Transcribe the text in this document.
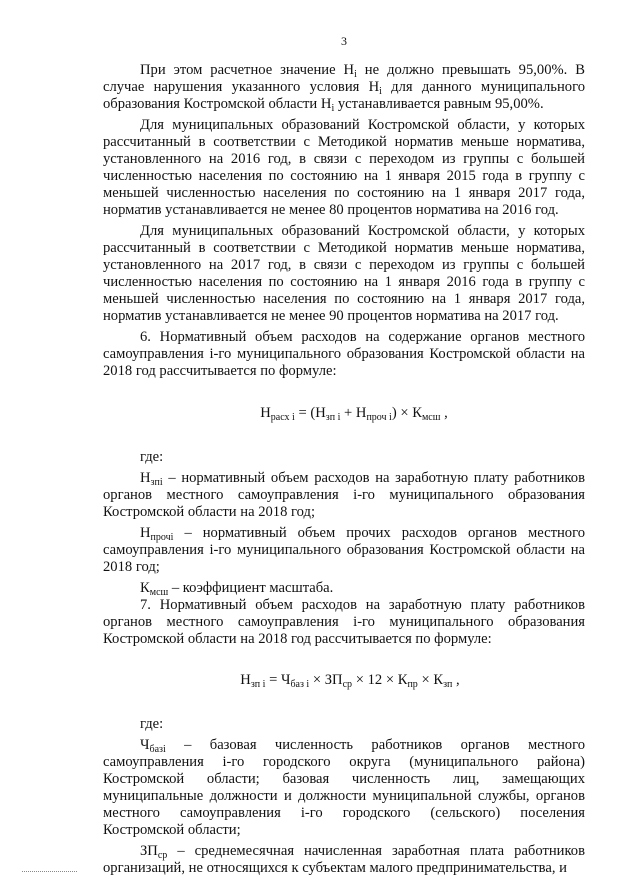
3

При этом расчетное значение $Н_i$ не должно превышать 95,00%. В случае нарушения указанного условия $Н_i$ для данного муниципального образования Костромской области $Н_i$ устанавливается равным 95,00%.

Для муниципальных образований Костромской области, у которых рассчитанный в соответствии с Методикой норматив меньше норматива, установленного на 2016 год, в связи с переходом из группы с большей численностью населения по состоянию на 1 января 2015 года в группу с меньшей численностью населения по состоянию на 1 января 2017 года, норматив устанавливается не менее 80 процентов норматива на 2016 год.

Для муниципальных образований Костромской области, у которых рассчитанный в соответствии с Методикой норматив меньше норматива, установленного на 2017 год, в связи с переходом из группы с большей численностью населения по состоянию на 1 января 2016 года в группу с меньшей численностью населения по состоянию на 1 января 2017 года, норматив устанавливается не менее 90 процентов норматива на 2017 год.

6. Нормативный объем расходов на содержание органов местного самоуправления i-го муниципального образования Костромской области на 2018 год рассчитывается по формуле:

$Н_{расх i} = (Н_{зп i} + Н_{проч i}) \times К_{мсш}$ ,

где:

$Н_{зпi}$ – нормативный объем расходов на заработную плату работников органов местного самоуправления i-го муниципального образования Костромской области на 2018 год;

$Н_{прочi}$ – нормативный объем прочих расходов органов местного самоуправления i-го муниципального образования Костромской области на 2018 год;

$К_{мсш}$ – коэффициент масштаба.

7. Нормативный объем расходов на заработную плату работников органов местного самоуправления i-го муниципального образования Костромской области на 2018 год рассчитывается по формуле:

$Н_{зп i} = Ч_{баз i} \times ЗП_{ср} \times 12 \times К_{пр} \times К_{зп}$ ,

где:

$Ч_{базi}$ – базовая численность работников органов местного самоуправления i-го городского округа (муниципального района) Костромской области; базовая численность лиц, замещающих муниципальные должности и должности муниципальной службы, органов местного самоуправления i-го городского (сельского) поселения Костромской области;

$ЗП_{ср}$ – среднемесячная начисленная заработная плата работников организаций, не относящихся к субъектам малого предпринимательства, и
